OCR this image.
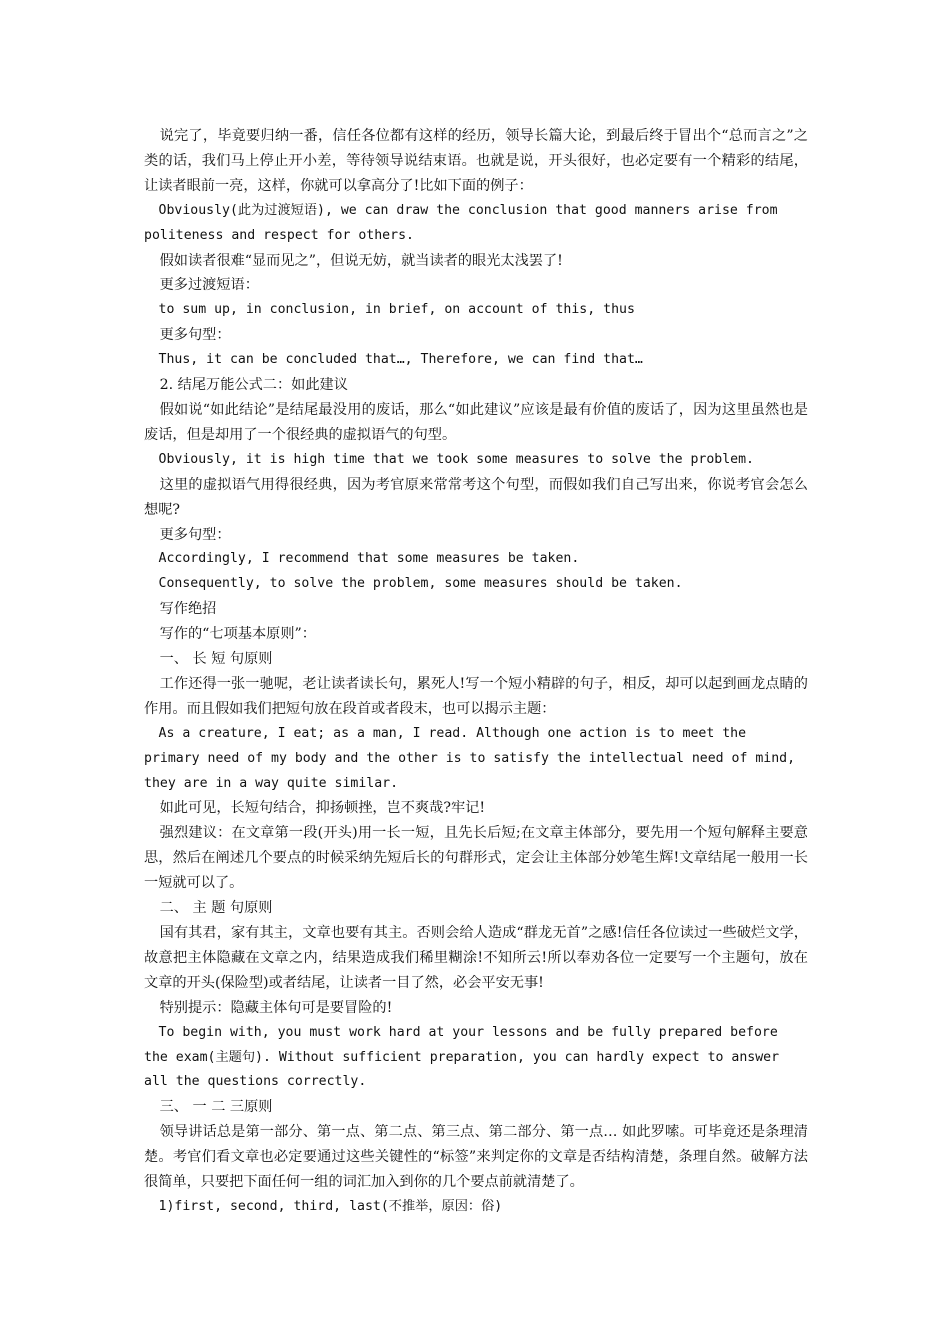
说完了，毕竟要归纳一番，信任各位都有这样的经历，领导长篇大论，到最后终于冒出个“总而言之”之类的话，我们马上停止开小差，等待领导说结束语。也就是说，开头很好，也必定要有一个精彩的结尾，让读者眼前一亮，这样，你就可以拿高分了!比如下面的例子：

Obviously(此为过渡短语), we can draw the conclusion that good manners arise from politeness and respect for others.

假如读者很难“显而见之”，但说无妨，就当读者的眼光太浅罢了!

更多过渡短语：

to sum up, in conclusion, in brief, on account of this, thus

更多句型：

Thus, it can be concluded that…, Therefore, we can find that…

2. 结尾万能公式二：如此建议

假如说“如此结论”是结尾最没用的废话，那么“如此建议”应该是最有价值的废话了，因为这里虽然也是废话，但是却用了一个很经典的虚拟语气的句型。

Obviously, it is high time that we took some measures to solve the problem.

这里的虚拟语气用得很经典，因为考官原来常常考这个句型，而假如我们自己写出来，你说考官会怎么想呢?

更多句型：

Accordingly, I recommend that some measures be taken.

Consequently, to solve the problem, some measures should be taken.

写作绝招

写作的“七项基本原则”：

一、 长 短 句原则

工作还得一张一驰呢，老让读者读长句，累死人!写一个短小精辟的句子，相反，却可以起到画龙点睛的作用。而且假如我们把短句放在段首或者段末，也可以揭示主题：

As a creature, I eat; as a man, I read. Although one action is to meet the primary need of my body and the other is to satisfy the intellectual need of mind, they are in a way quite similar.

如此可见，长短句结合，抑扬顿挫，岂不爽哉?牢记!

强烈建议：在文章第一段(开头)用一长一短，且先长后短;在文章主体部分，要先用一个短句解释主要意思，然后在阐述几个要点的时候采纳先短后长的句群形式，定会让主体部分妙笔生辉!文章结尾一般用一长一短就可以了。

二、 主 题 句原则

国有其君，家有其主，文章也要有其主。否则会给人造成“群龙无首”之感!信任各位读过一些破烂文学，故意把主体隐藏在文章之内，结果造成我们稀里糊涂!不知所云!所以奉劝各位一定要写一个主题句，放在文章的开头(保险型)或者结尾，让读者一目了然，必会平安无事!

特别提示：隐藏主体句可是要冒险的!

To begin with, you must work hard at your lessons and be fully prepared before the exam(主题句). Without sufficient preparation, you can hardly expect to answer all the questions correctly.

三、 一 二 三原则

领导讲话总是第一部分、第一点、第二点、第三点、第二部分、第一点… 如此罗嗦。可毕竟还是条理清楚。考官们看文章也必定要通过这些关键性的“标签”来判定你的文章是否结构清楚，条理自然。破解方法很简单，只要把下面任何一组的词汇加入到你的几个要点前就清楚了。

1)first, second, third, last(不推举，原因：俗)
